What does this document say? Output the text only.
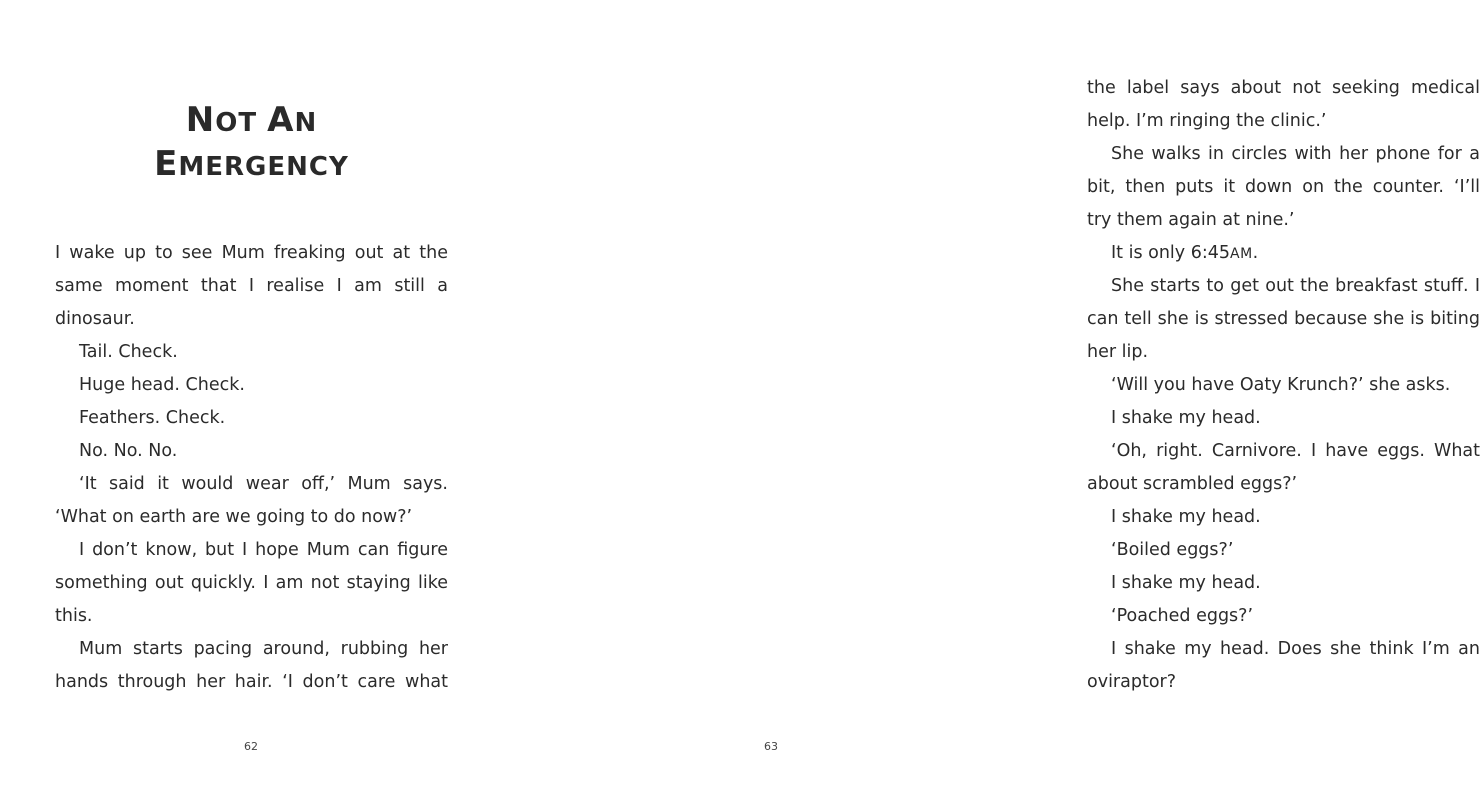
NOT AN
EMERGENCY
I wake up to see Mum freaking out at the
same moment that I realise I am still a
dinosaur.
Tail. Check.
Huge head. Check.
Feathers. Check.
No. No. No.
‘It said it would wear off,’ Mum says.
‘What on earth are we going to do now?’
I don’t know, but I hope Mum can figure
something out quickly. I am not staying like
this.
Mum starts pacing around, rubbing her
hands through her hair. ‘I don’t care what
62
the label says about not seeking medical
help. I’m ringing the clinic.’
She walks in circles with her phone for a
bit, then puts it down on the counter. ‘I’ll
try them again at nine.’
It is only 6:45AM.
She starts to get out the breakfast stuff. I
can tell she is stressed because she is biting
her lip.
‘Will you have Oaty Krunch?’ she asks.
I shake my head.
‘Oh, right. Carnivore. I have eggs. What
about scrambled eggs?’
I shake my head.
‘Boiled eggs?’
I shake my head.
‘Poached eggs?’
I shake my head. Does she think I’m an
oviraptor?
63
